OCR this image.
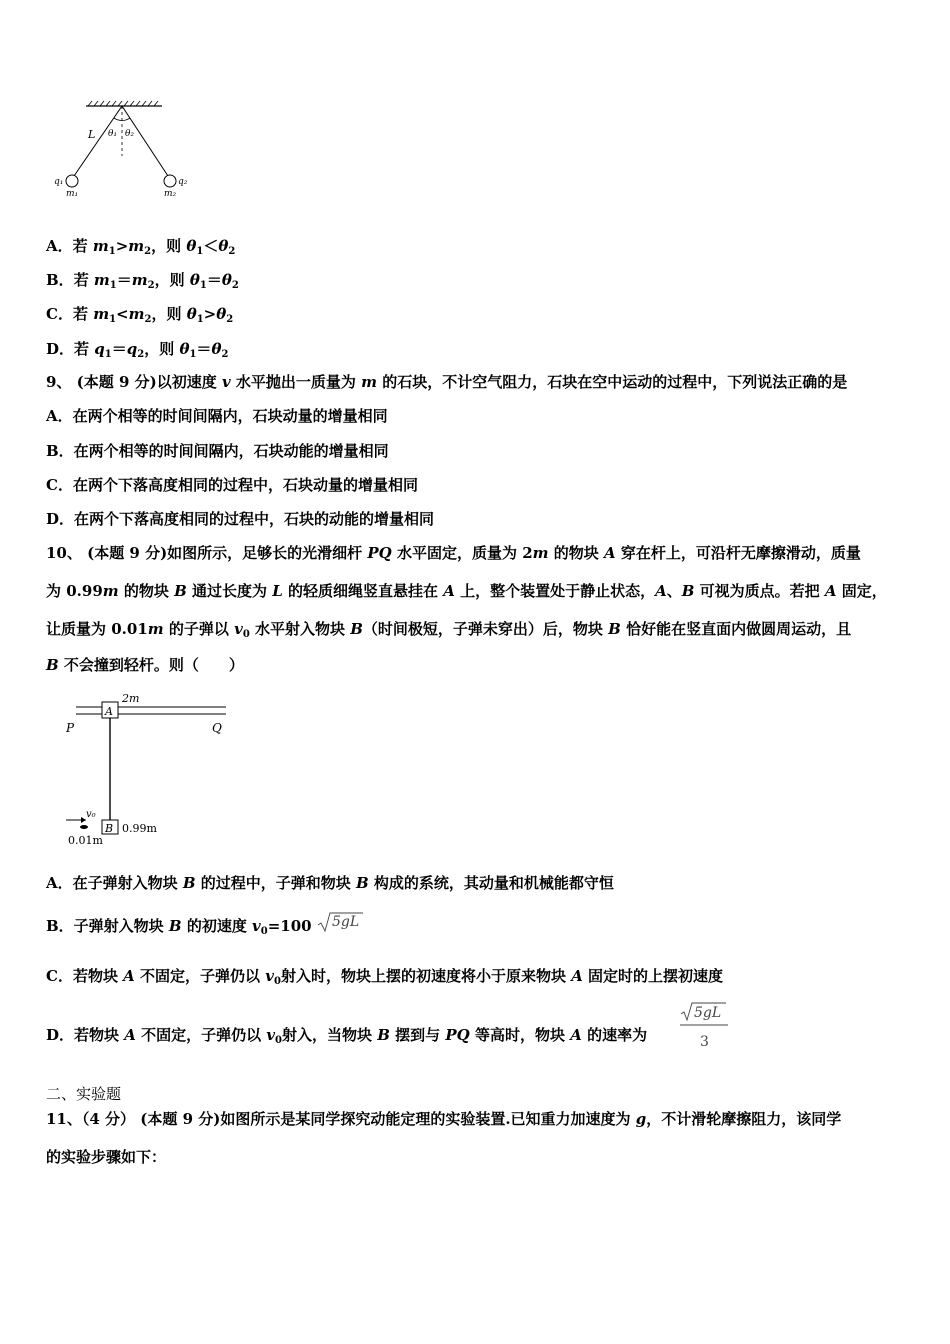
L θ₁ θ₂
q₁	q₂
m₁	m₂
A．若 $m_1>m_2$，则 $\theta_1<\theta_2$
B．若 $m_1=m_2$，则 $\theta_1=\theta_2$
C．若 $m_1<m_2$，则 $\theta_1>\theta_2$
D．若 $q_1=q_2$，则 $\theta_1=\theta_2$
9、 (本题 9 分)以初速度 v 水平抛出一质量为 m 的石块，不计空气阻力，石块在空中运动的过程中，下列说法正确的是
A．在两个相等的时间间隔内，石块动量的增量相同
B．在两个相等的时间间隔内，石块动能的增量相同
C．在两个下落高度相同的过程中，石块动量的增量相同
D．在两个下落高度相同的过程中，石块的动能的增量相同
10、 (本题 9 分)如图所示，足够长的光滑细杆 PQ 水平固定，质量为 2m 的物块 A 穿在杆上，可沿杆无摩擦滑动，质量
为 0.99m 的物块 B 通过长度为 L 的轻质细绳竖直悬挂在 A 上，整个装置处于静止状态，A、B 可视为质点。若把 A 固定，
让质量为 0.01m 的子弹以 $v_0$ 水平射入物块 B（时间极短，子弹未穿出）后，物块 B 恰好能在竖直面内做圆周运动，且
B 不会撞到轻杆。则（　　）
A
2m
P	Q
B 0.99m
v₀
0.01m
A．在子弹射入物块 B 的过程中，子弹和物块 B 构成的系统，其动量和机械能都守恒
B．子弹射入物块 B 的初速度 $v_0=100$ 5gL
C．若物块 A 不固定，子弹仍以 $v_0$射入时，物块上摆的初速度将小于原来物块 A 固定时的上摆初速度
D．若物块 A 不固定，子弹仍以 $v_0$射入，当物块 B 摆到与 PQ 等高时，物块 A 的速率为
5gL
3
二、实验题
11、（4 分） (本题 9 分)如图所示是某同学探究动能定理的实验装置.已知重力加速度为 g，不计滑轮摩擦阻力，该同学
的实验步骤如下：
